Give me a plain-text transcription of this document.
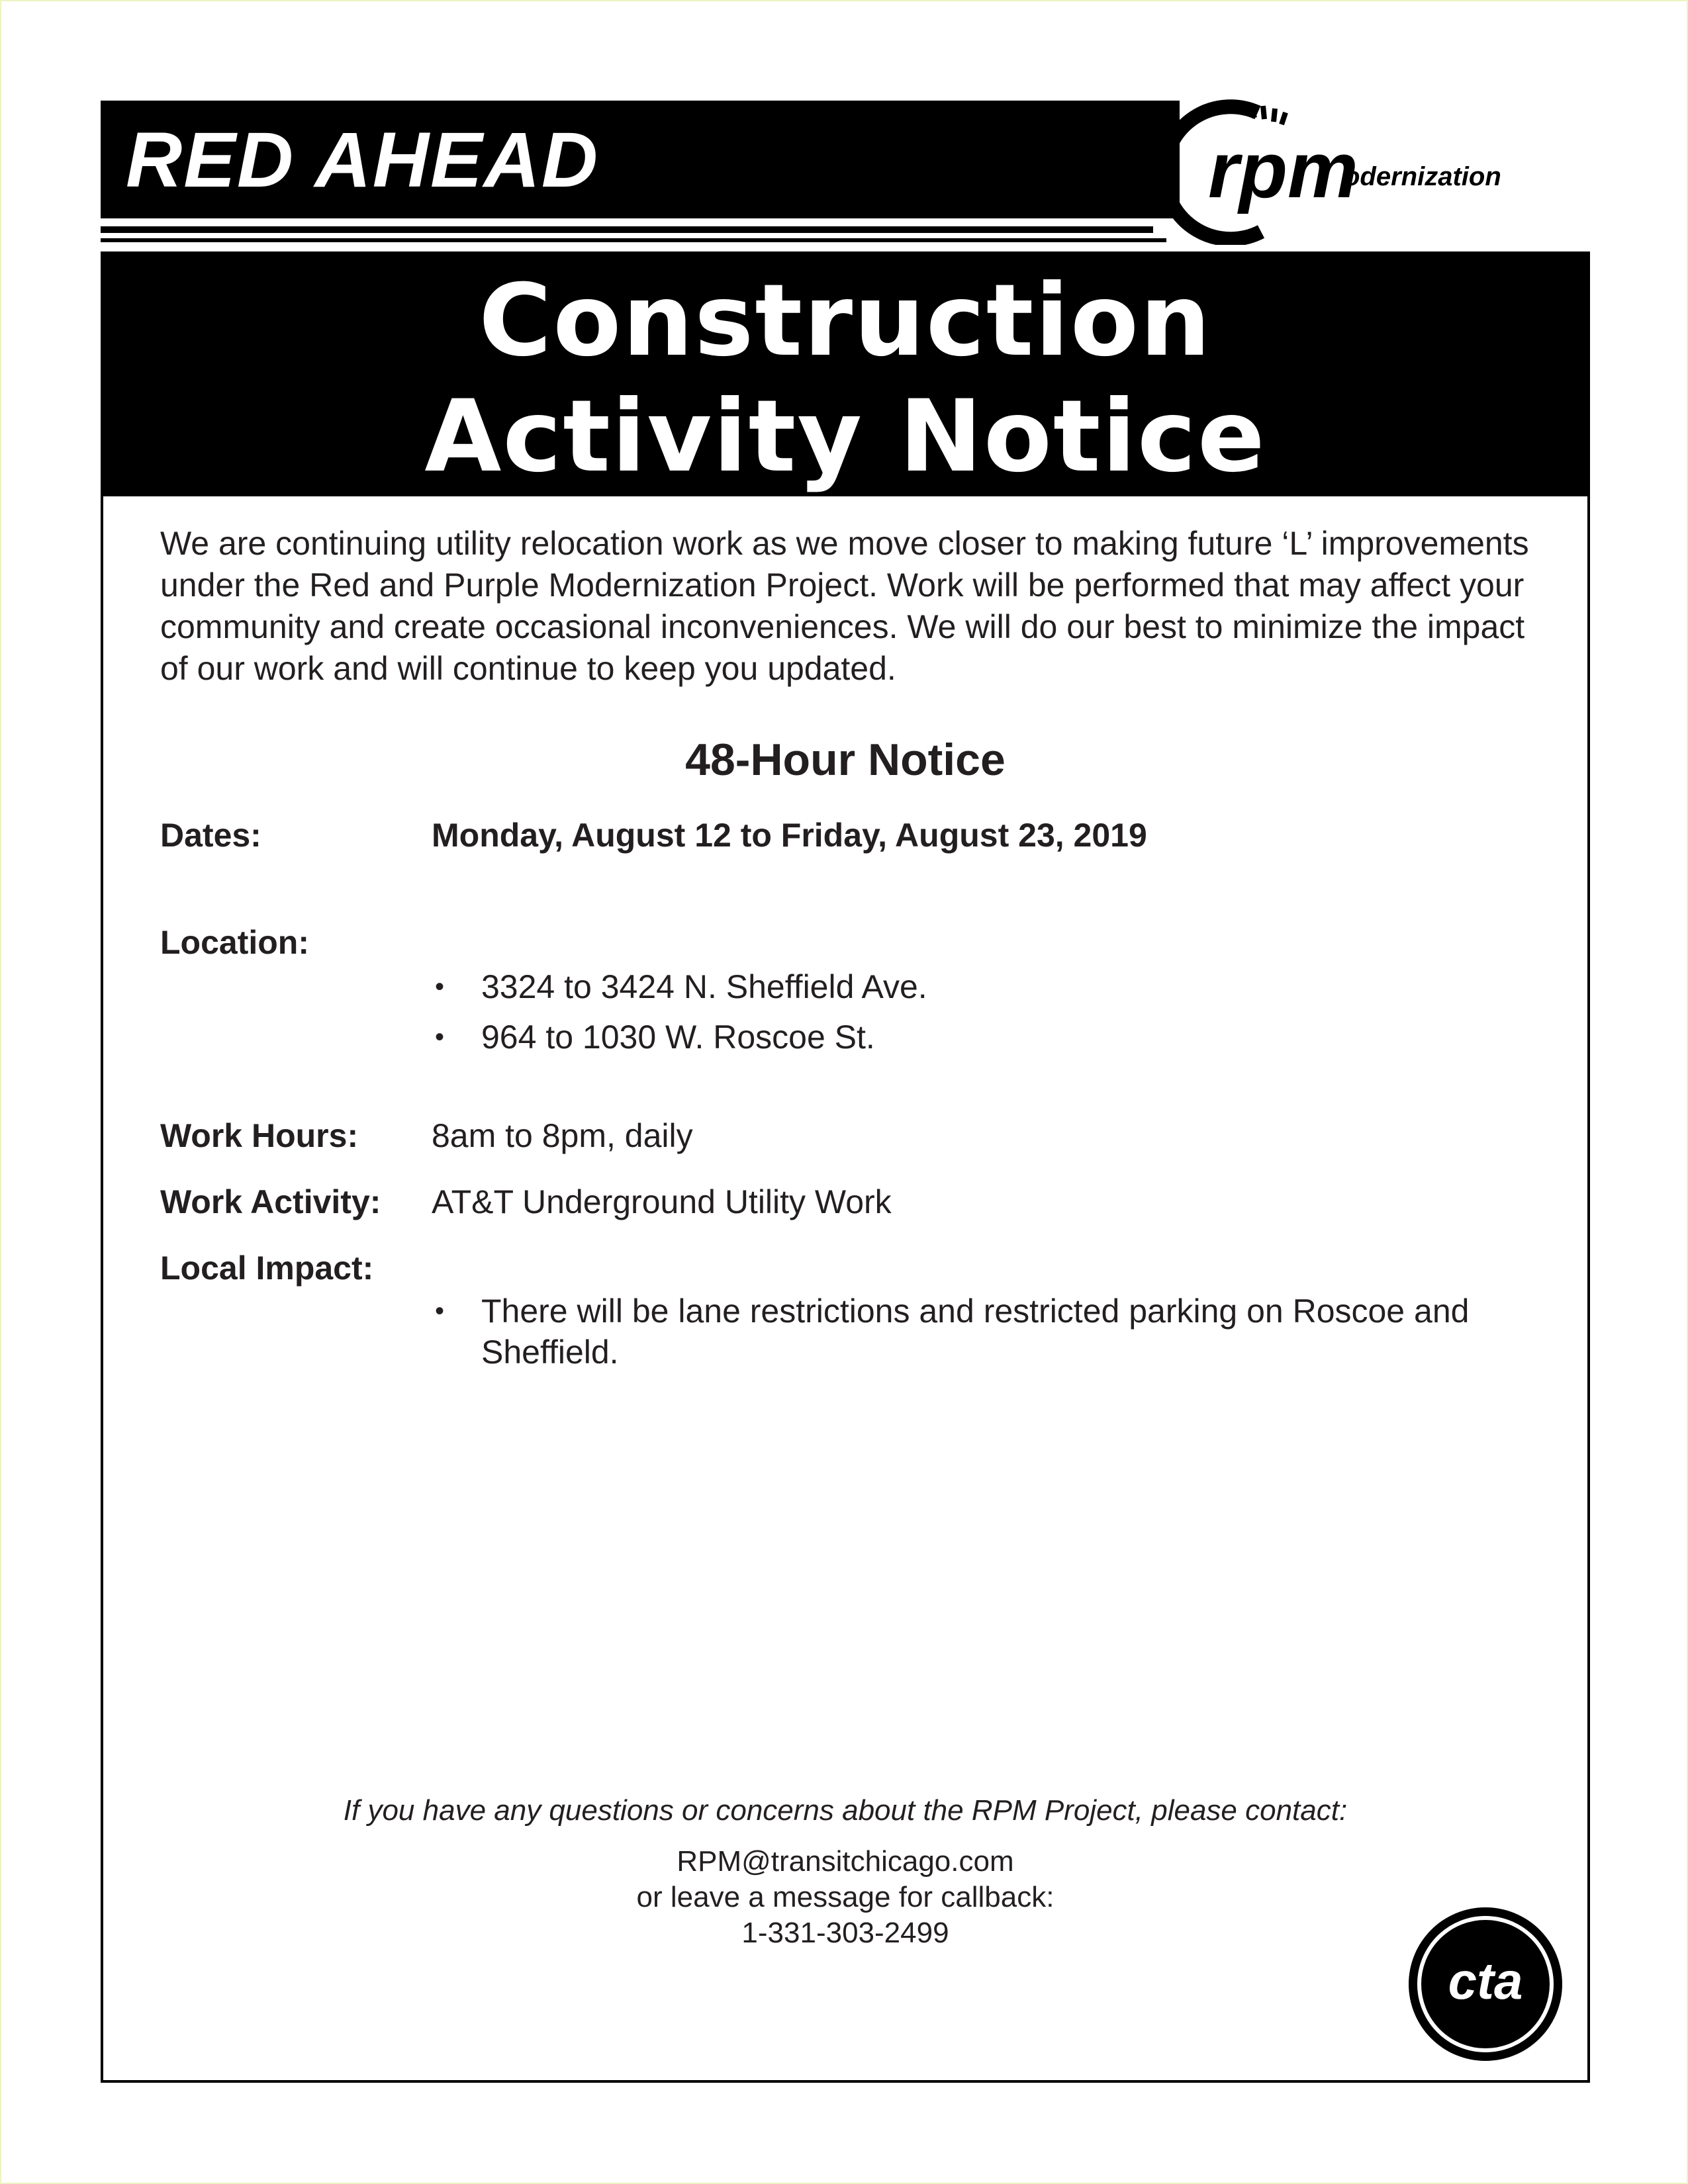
RED AHEAD	rpm
odernization
Construction
Activity Notice

We are continuing utility relocation work as we move closer to making future ‘L’ improvements under the Red and Purple Modernization Project. Work will be performed that may affect your community and create occasional inconveniences. We will do our best to minimize the impact of our work and will continue to keep you updated.

48-Hour Notice
Dates:	Monday, August 12 to Friday, August 23, 2019
Location:
• 3324 to 3424 N. Sheffield Ave.
• 964 to 1030 W. Roscoe St.
Work Hours: 8am to 8pm, daily
Work Activity: AT&T Underground Utility Work
Local Impact:
• There will be lane restrictions and restricted parking on Roscoe and
Sheffield.
If you have any questions or concerns about the RPM Project, please contact:
RPM@transitchicago.com
or leave a message for callback:
1-331-303-2499
cta
